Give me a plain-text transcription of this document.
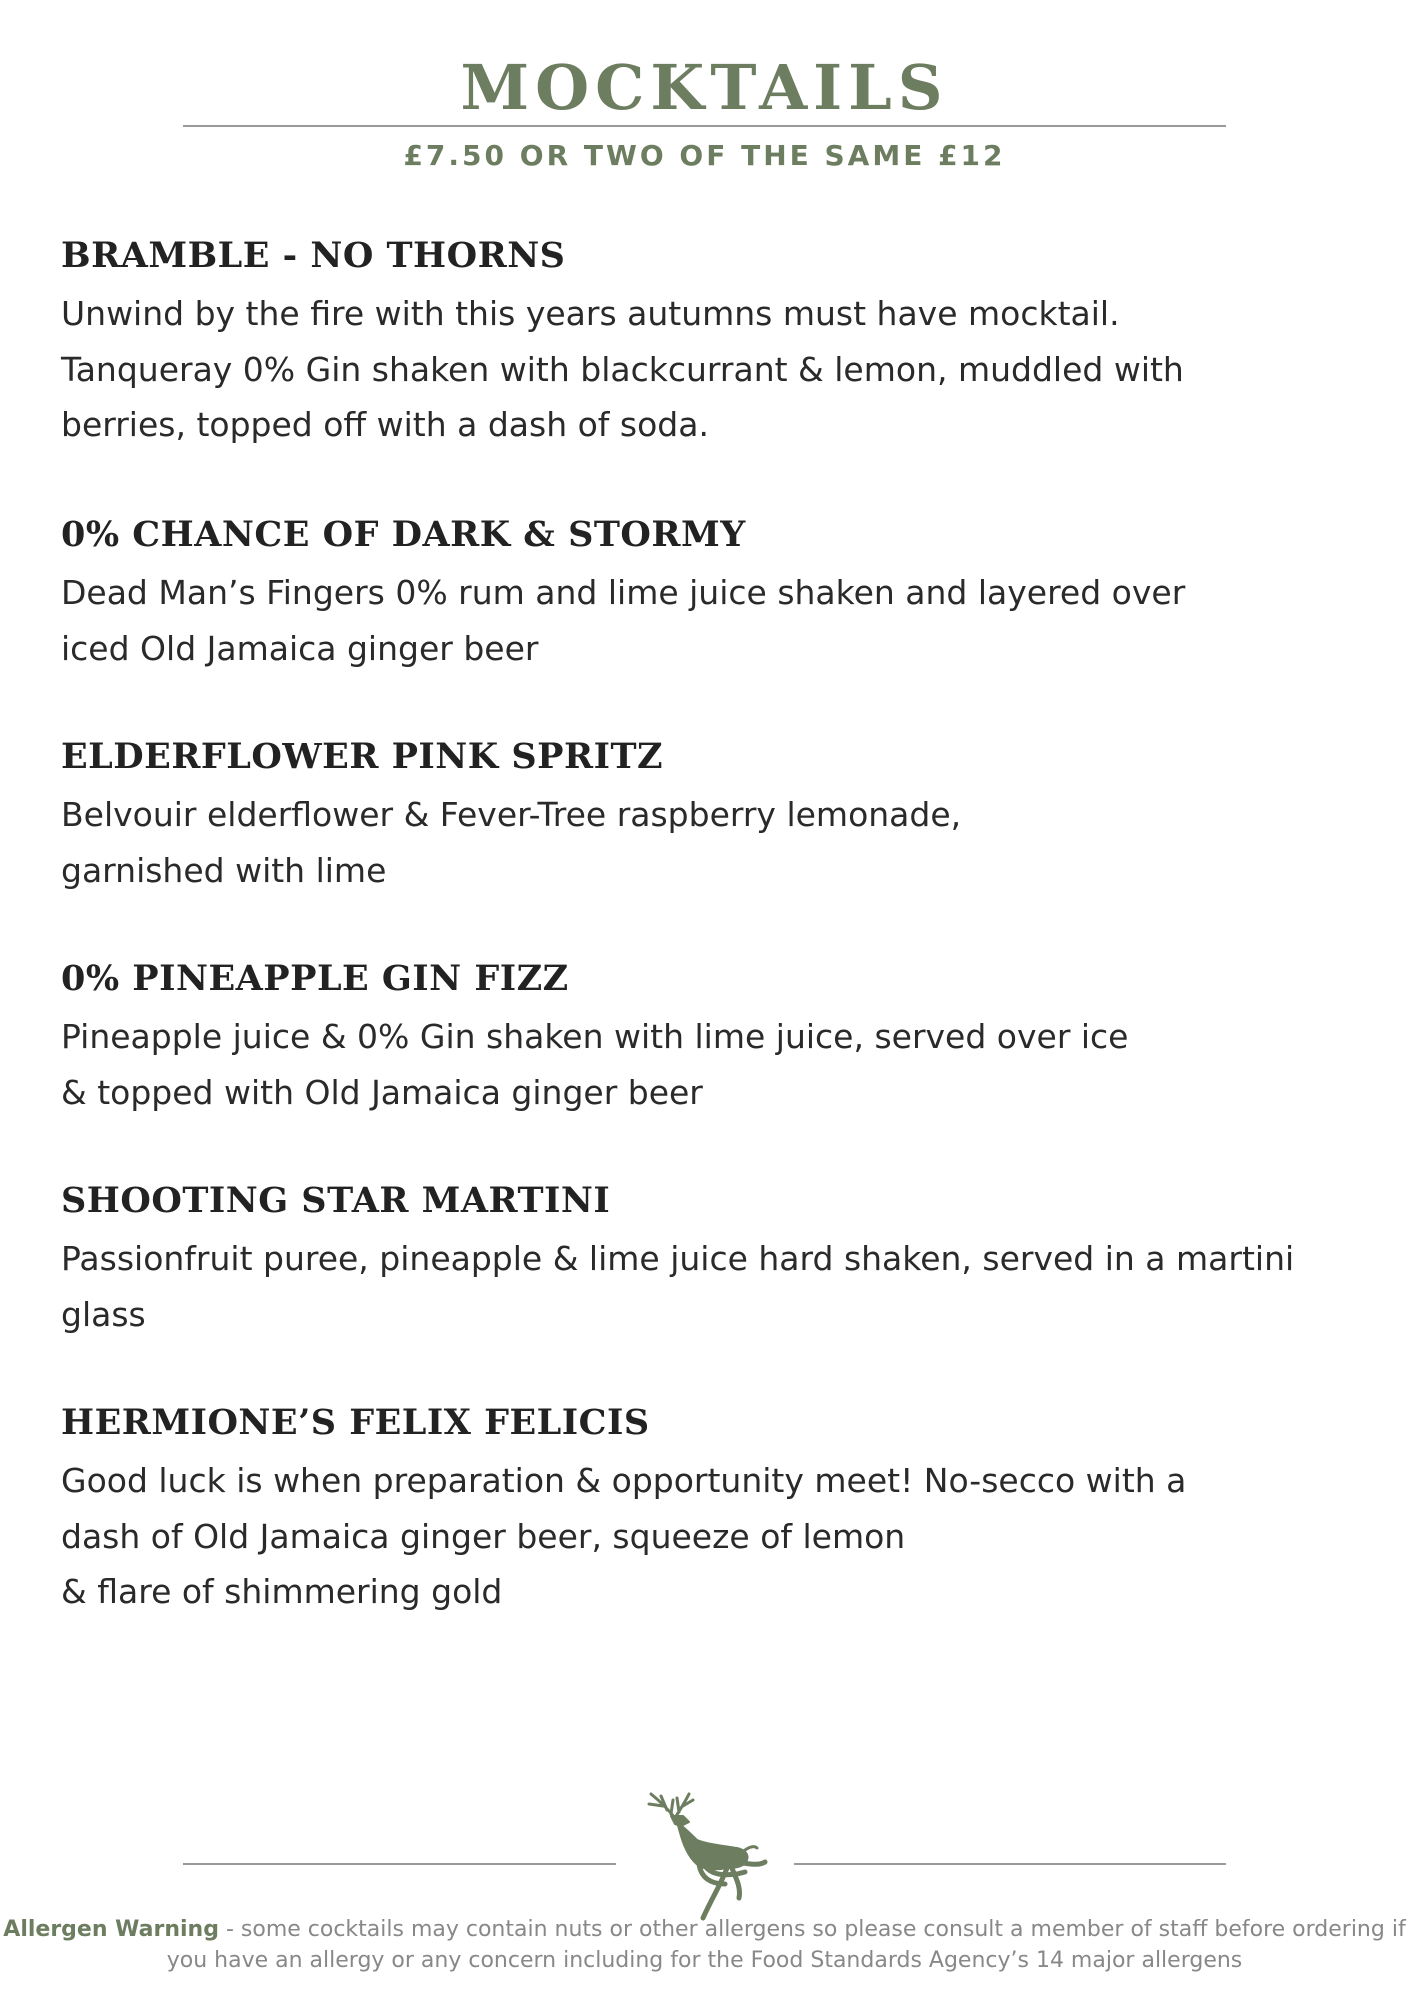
MOCKTAILS
£7.50 OR TWO OF THE SAME £12
BRAMBLE - NO THORNS

Unwind by the fire with this years autumns must have mocktail.
Tanqueray 0% Gin shaken with blackcurrant & lemon, muddled with
berries, topped off with a dash of soda.

0% CHANCE OF DARK & STORMY

Dead Man’s Fingers 0% rum and lime juice shaken and layered over
iced Old Jamaica ginger beer

ELDERFLOWER PINK SPRITZ

Belvouir elderflower & Fever-Tree raspberry lemonade,
garnished with lime

0% PINEAPPLE GIN FIZZ

Pineapple juice & 0% Gin shaken with lime juice, served over ice
& topped with Old Jamaica ginger beer

SHOOTING STAR MARTINI

Passionfruit puree, pineapple & lime juice hard shaken, served in a martini
glass

HERMIONE’S FELIX FELICIS

Good luck is when preparation & opportunity meet! No-secco with a
dash of Old Jamaica ginger beer, squeeze of lemon
& flare of shimmering gold

Allergen Warning - some cocktails may contain nuts or other allergens so please consult a member of staff before ordering if
you have an allergy or any concern including for the Food Standards Agency’s 14 major allergens
